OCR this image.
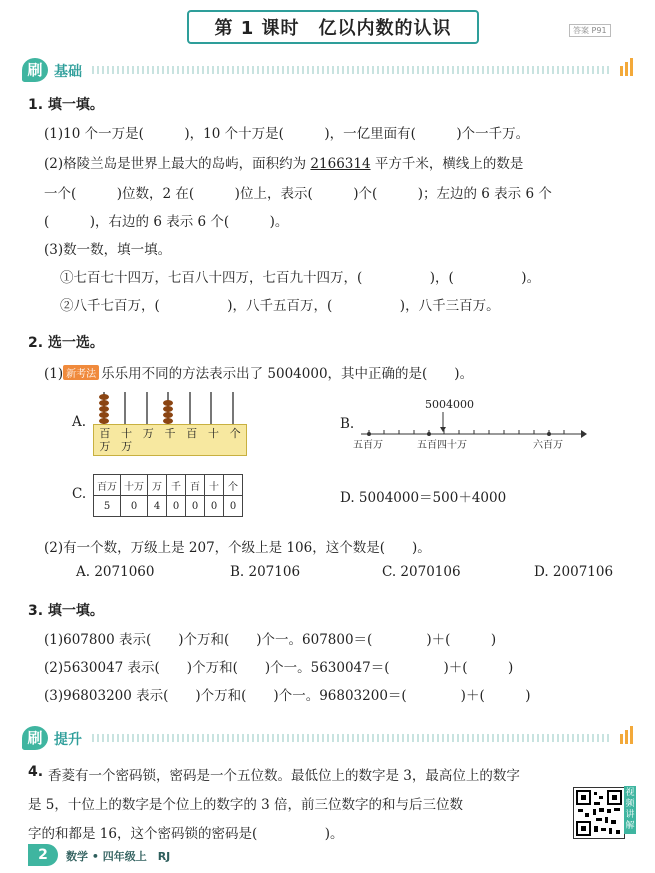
第 1 课时　亿以内数的认识	答案 P91
刷 基础
1. 填一填。
(1)10 个一万是(　　　)，10 个十万是(　　　)，一亿里面有(　　　)个一千万。
(2)格陵兰岛是世界上最大的岛屿，面积约为 2166314 平方千米，横线上的数是
一个(　　　)位数，2 在(　　　)位上，表示(　　　)个(　　　)；左边的 6 表示 6 个
(　　　)，右边的 6 表示 6 个(　　　)。
(3)数一数，填一填。
①七百七十四万，七百八十四万，七百九十四万，(　　　　　)，(　　　　　)。
②八千七百万，(　　　　　)，八千五百万，(　　　　　)，八千三百万。
2. 选一选。
(1) 新考法 乐乐用不同的方法表示出了 5004000，其中正确的是(　　)。
A.
百万
十万
万 千 百 十 个
B.
5004000
五百万	五百四十万	六百万
C. 百万	十万	万	千	百	十	个
5	0	4	0	0	0	0	D. 5004000＝500＋4000
(2)有一个数，万级上是 207，个级上是 106，这个数是(　　)。
A. 2071060	B. 207106	C. 2070106	D. 2007106
3. 填一填。
(1)607800 表示(　　)个万和(　　)个一。607800＝(　　　　)＋(　　　)
(2)5630047 表示(　　)个万和(　　)个一。5630047＝(　　　　)＋(　　　)
(3)96803200 表示(　　)个万和(　　)个一。96803200＝(　　　　)＋(　　　)
刷 提升
4. 香菱有一个密码锁，密码是一个五位数。最低位上的数字是 3，最高位上的数字
是 5，十位上的数字是个位上的数字的 3 倍，前三位数字的和与后三位数
字的和都是 16，这个密码锁的密码是(　　　　　)。
视频讲解
2	数学 • 四年级上　RJ
